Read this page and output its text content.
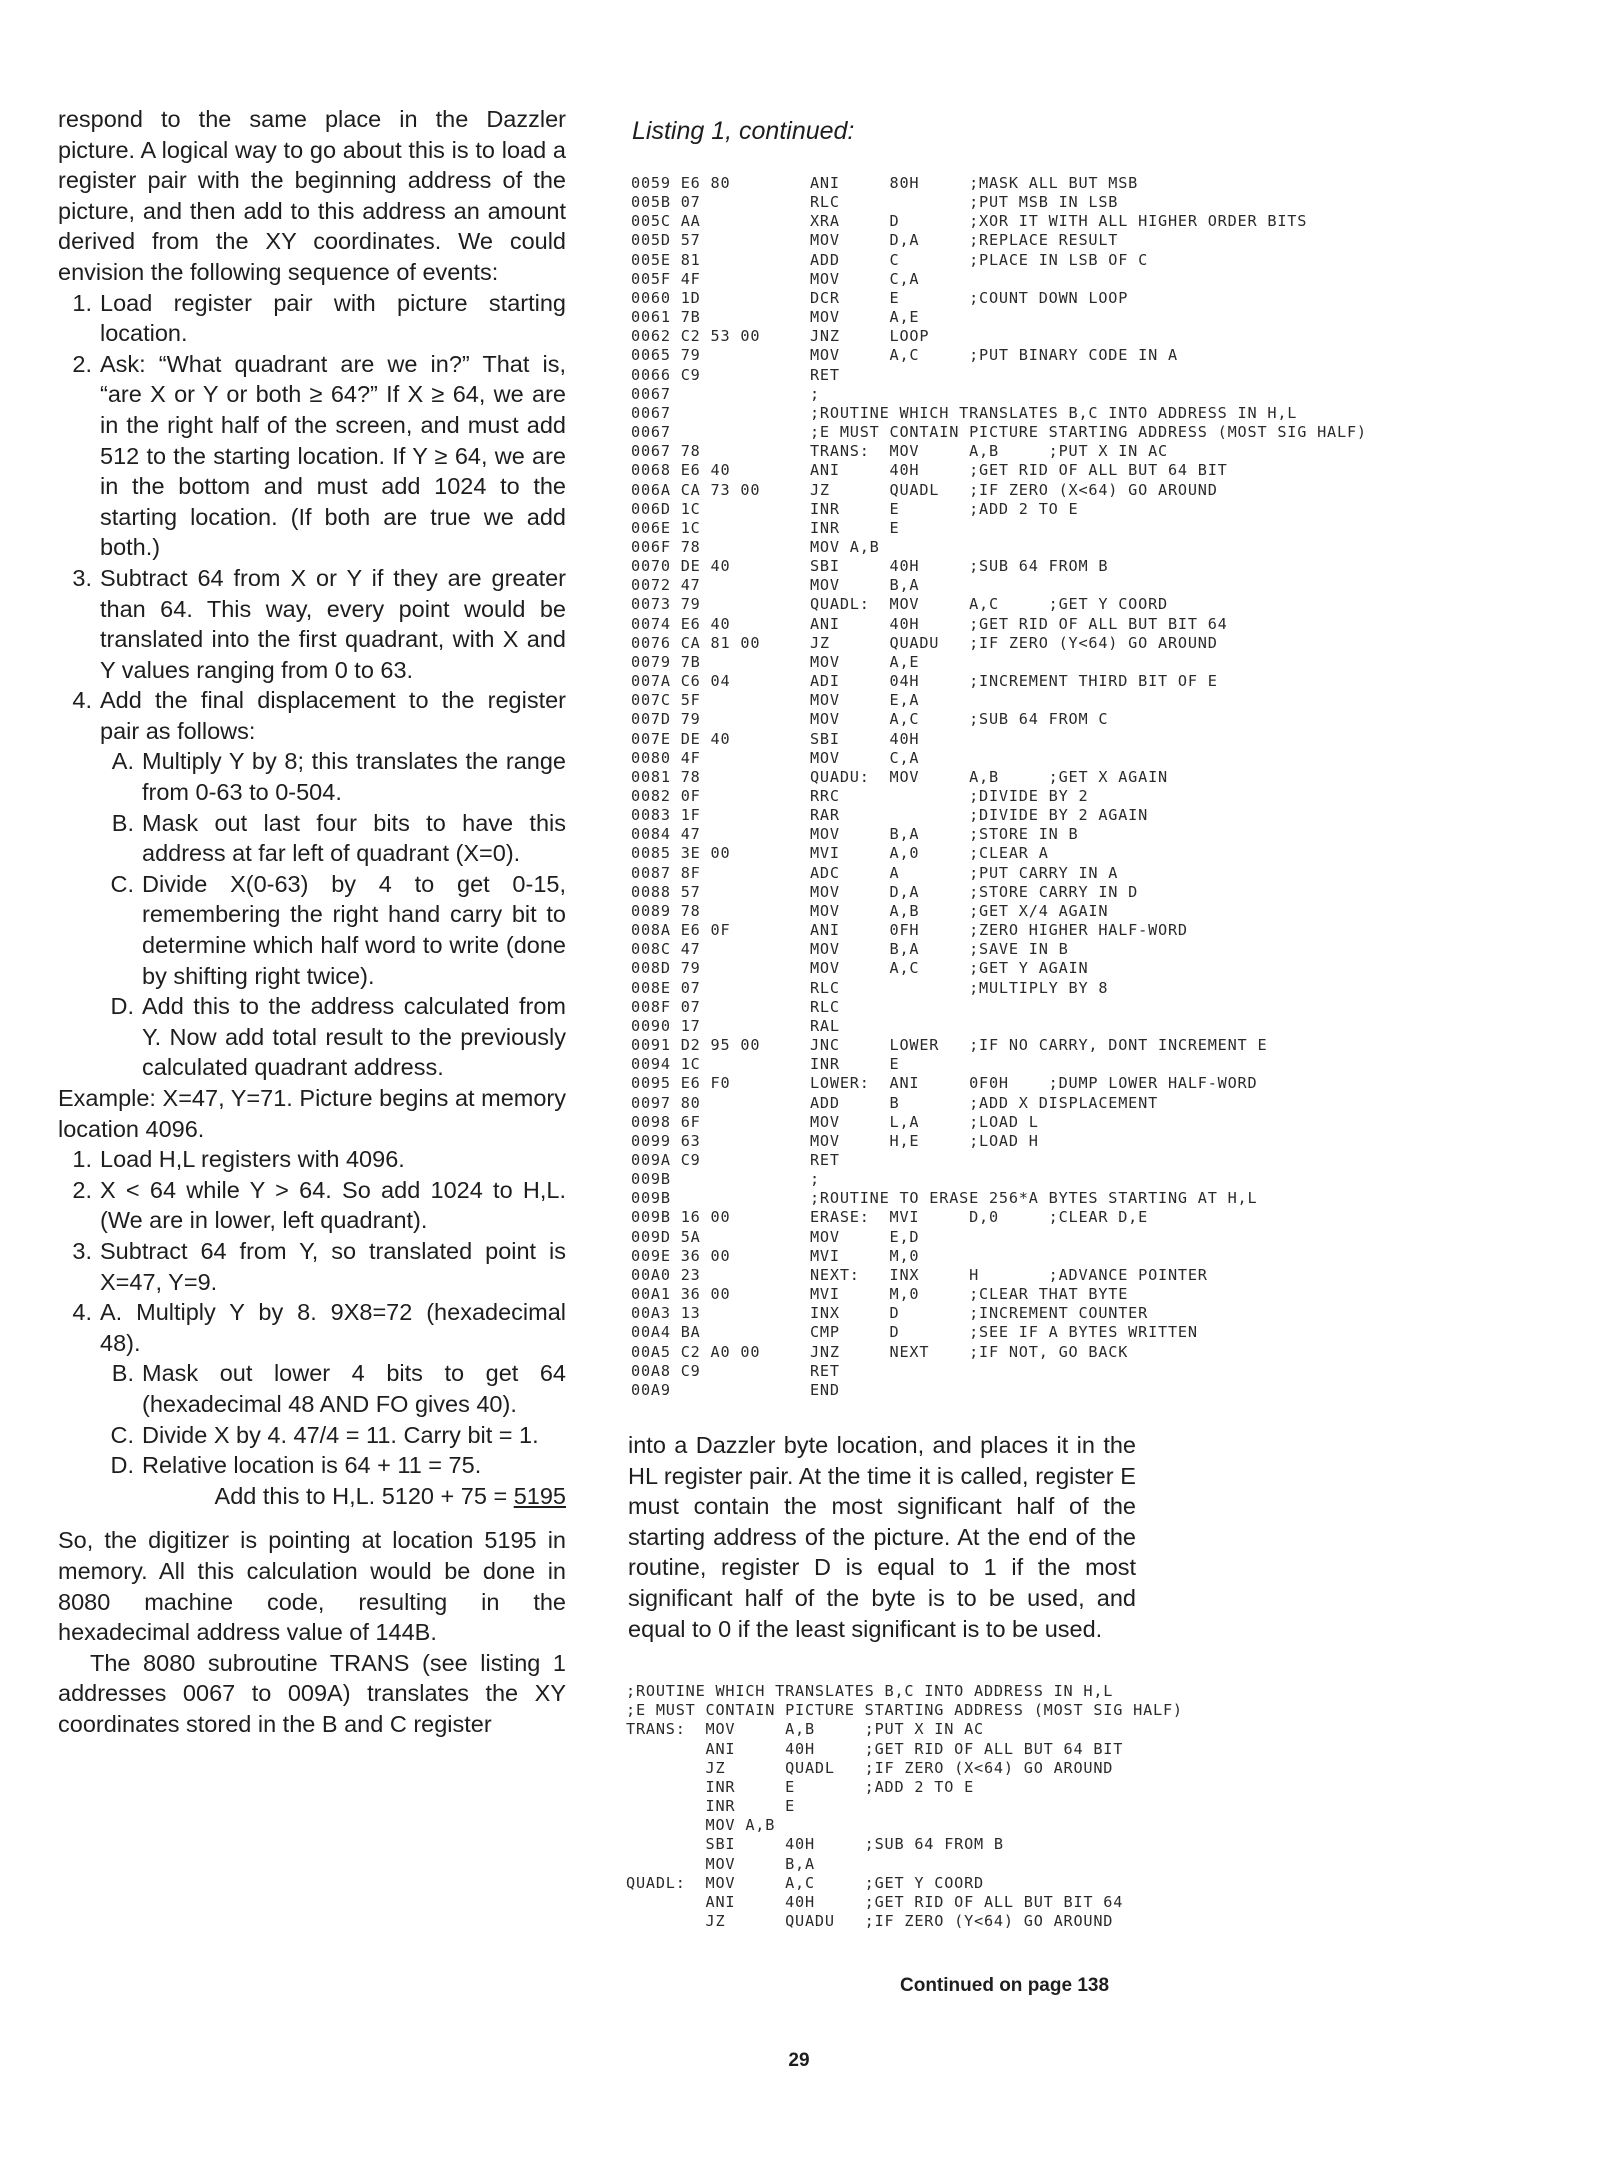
respond to the same place in the Dazzler picture. A logical way to go about this is to load a register pair with the beginning address of the picture, and then add to this address an amount derived from the XY coordinates. We could envision the following sequence of events:

1. Load register pair with picture starting location.
2. Ask: “What quadrant are we in?” That is, “are X or Y or both ≥ 64?” If X ≥ 64, we are in the right half of the screen, and must add 512 to the starting location. If Y ≥ 64, we are in the bottom and must add 1024 to the starting location. (If both are true we add both.)
3. Subtract 64 from X or Y if they are greater than 64. This way, every point would be translated into the first quadrant, with X and Y values ranging from 0 to 63.
4. Add the final displacement to the register pair as follows:
A. Multiply Y by 8; this translates the range from 0-63 to 0-504.
B. Mask out last four bits to have this address at far left of quadrant (X=0).
C. Divide X(0-63) by 4 to get 0-15, remembering the right hand carry bit to determine which half word to write (done by shifting right twice).
D. Add this to the address calculated from Y. Now add total result to the previously calculated quadrant address.

Example: X=47, Y=71. Picture begins at memory location 4096.

1. Load H,L registers with 4096.
2. X < 64 while Y > 64. So add 1024 to H,L. (We are in lower, left quadrant).
3. Subtract 64 from Y, so translated point is X=47, Y=9.
4. A. Multiply Y by 8. 9X8=72 (hexadecimal 48).
B. Mask out lower 4 bits to get 64 (hexadecimal 48 AND FO gives 40).
C. Divide X by 4. 47/4 = 11. Carry bit = 1.
D. Relative location is 64 + 11 = 75.
Add this to H,L. 5120 + 75 = 5195

So, the digitizer is pointing at location 5195 in memory. All this calculation would be done in 8080 machine code, resulting in the hexadecimal address value of 144B.

The 8080 subroutine TRANS (see listing 1 addresses 0067 to 009A) translates the XY coordinates stored in the B and C register

Listing 1, continued:
0059 E6 80        ANI     80H     ;MASK ALL BUT MSB
005B 07           RLC             ;PUT MSB IN LSB
005C AA           XRA     D       ;XOR IT WITH ALL HIGHER ORDER BITS
005D 57           MOV     D,A     ;REPLACE RESULT
005E 81           ADD     C       ;PLACE IN LSB OF C
005F 4F           MOV     C,A
0060 1D           DCR     E       ;COUNT DOWN LOOP
0061 7B           MOV     A,E
0062 C2 53 00     JNZ     LOOP
0065 79           MOV     A,C     ;PUT BINARY CODE IN A
0066 C9           RET
0067              ;
0067              ;ROUTINE WHICH TRANSLATES B,C INTO ADDRESS IN H,L
0067              ;E MUST CONTAIN PICTURE STARTING ADDRESS (MOST SIG HALF)
0067 78           TRANS:  MOV     A,B     ;PUT X IN AC
0068 E6 40        ANI     40H     ;GET RID OF ALL BUT 64 BIT
006A CA 73 00     JZ      QUADL   ;IF ZERO (X<64) GO AROUND
006D 1C           INR     E       ;ADD 2 TO E
006E 1C           INR     E
006F 78           MOV A,B
0070 DE 40        SBI     40H     ;SUB 64 FROM B
0072 47           MOV     B,A
0073 79           QUADL:  MOV     A,C     ;GET Y COORD
0074 E6 40        ANI     40H     ;GET RID OF ALL BUT BIT 64
0076 CA 81 00     JZ      QUADU   ;IF ZERO (Y<64) GO AROUND
0079 7B           MOV     A,E
007A C6 04        ADI     04H     ;INCREMENT THIRD BIT OF E
007C 5F           MOV     E,A
007D 79           MOV     A,C     ;SUB 64 FROM C
007E DE 40        SBI     40H
0080 4F           MOV     C,A
0081 78           QUADU:  MOV     A,B     ;GET X AGAIN
0082 0F           RRC             ;DIVIDE BY 2
0083 1F           RAR             ;DIVIDE BY 2 AGAIN
0084 47           MOV     B,A     ;STORE IN B
0085 3E 00        MVI     A,0     ;CLEAR A
0087 8F           ADC     A       ;PUT CARRY IN A
0088 57           MOV     D,A     ;STORE CARRY IN D
0089 78           MOV     A,B     ;GET X/4 AGAIN
008A E6 0F        ANI     0FH     ;ZERO HIGHER HALF-WORD
008C 47           MOV     B,A     ;SAVE IN B
008D 79           MOV     A,C     ;GET Y AGAIN
008E 07           RLC             ;MULTIPLY BY 8
008F 07           RLC
0090 17           RAL
0091 D2 95 00     JNC     LOWER   ;IF NO CARRY, DONT INCREMENT E
0094 1C           INR     E
0095 E6 F0        LOWER:  ANI     0F0H    ;DUMP LOWER HALF-WORD
0097 80           ADD     B       ;ADD X DISPLACEMENT
0098 6F           MOV     L,A     ;LOAD L
0099 63           MOV     H,E     ;LOAD H
009A C9           RET
009B              ;
009B              ;ROUTINE TO ERASE 256*A BYTES STARTING AT H,L
009B 16 00        ERASE:  MVI     D,0     ;CLEAR D,E
009D 5A           MOV     E,D
009E 36 00        MVI     M,0
00A0 23           NEXT:   INX     H       ;ADVANCE POINTER
00A1 36 00        MVI     M,0     ;CLEAR THAT BYTE
00A3 13           INX     D       ;INCREMENT COUNTER
00A4 BA           CMP     D       ;SEE IF A BYTES WRITTEN
00A5 C2 A0 00     JNZ     NEXT    ;IF NOT, GO BACK
00A8 C9           RET
00A9              END

into a Dazzler byte location, and places it in the HL register pair. At the time it is called, register E must contain the most significant half of the starting address of the picture. At the end of the routine, register D is equal to 1 if the most significant half of the byte is to be used, and equal to 0 if the least significant is to be used.

;ROUTINE WHICH TRANSLATES B,C INTO ADDRESS IN H,L
;E MUST CONTAIN PICTURE STARTING ADDRESS (MOST SIG HALF)
TRANS:  MOV     A,B     ;PUT X IN AC
ANI     40H     ;GET RID OF ALL BUT 64 BIT
JZ      QUADL   ;IF ZERO (X<64) GO AROUND
INR     E       ;ADD 2 TO E
INR     E
MOV A,B
SBI     40H     ;SUB 64 FROM B
MOV     B,A
QUADL:  MOV     A,C     ;GET Y COORD
ANI     40H     ;GET RID OF ALL BUT BIT 64
JZ      QUADU   ;IF ZERO (Y<64) GO AROUND
Continued on page 138
29
